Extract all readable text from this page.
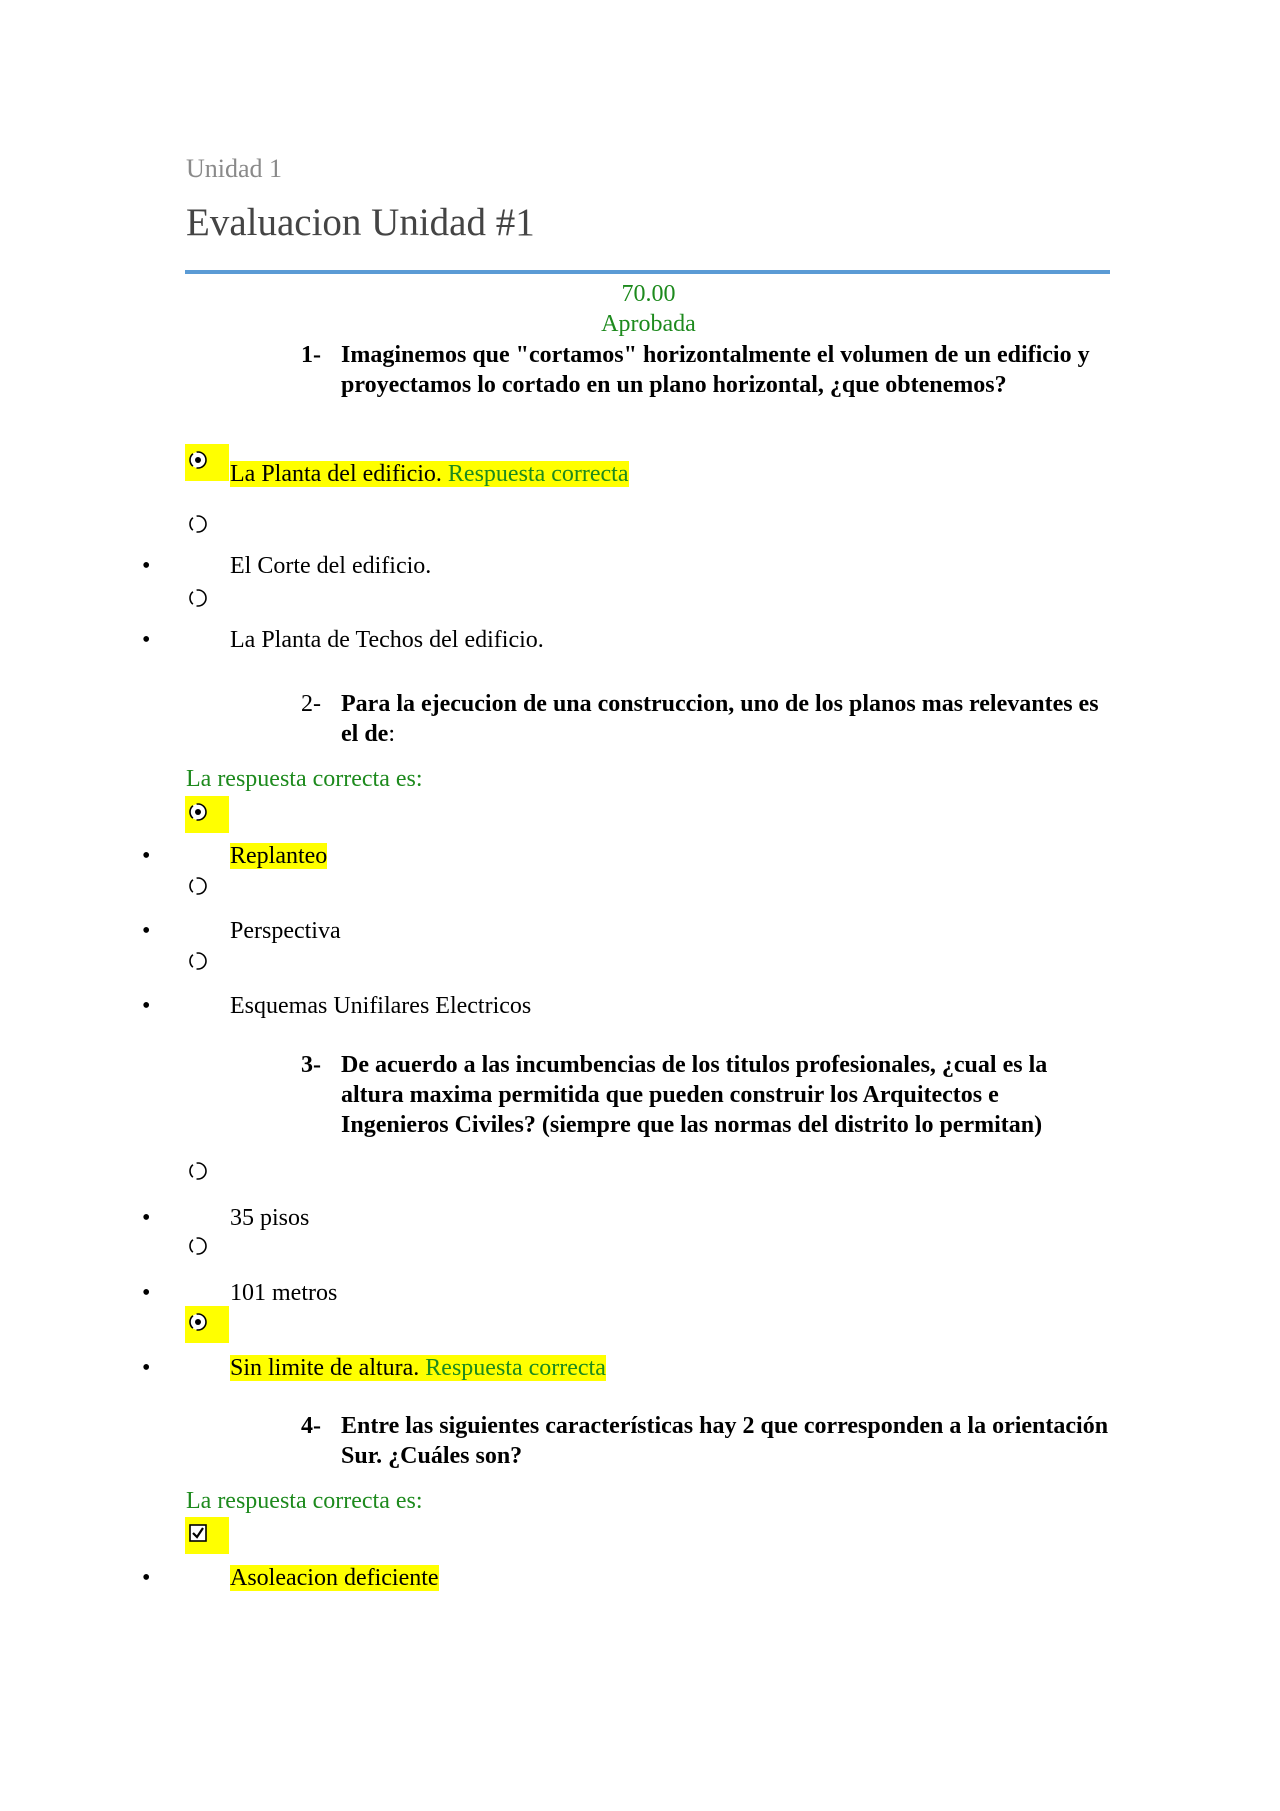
Unidad 1
Evaluacion Unidad #1
70.00
Aprobada
1- Imaginemos que "cortamos" horizontalmente el volumen de un edificio y proyectamos lo cortado en un plano horizontal, ¿que obtenemos?
La Planta del edificio. Respuesta correcta
•	El Corte del edificio.
•	La Planta de Techos del edificio.
2- Para la ejecucion de una construccion, uno de los planos mas relevantes es el de:
La respuesta correcta es:
•	Replanteo
•	Perspectiva
•	Esquemas Unifilares Electricos
3- De acuerdo a las incumbencias de los titulos profesionales, ¿cual es la altura maxima permitida que pueden construir los Arquitectos e Ingenieros Civiles? (siempre que las normas del distrito lo permitan)
•	35 pisos
•	101 metros
•	Sin limite de altura. Respuesta correcta
4- Entre las siguientes características hay 2 que corresponden a la orientación Sur. ¿Cuáles son?
La respuesta correcta es:
•	Asoleacion deficiente
